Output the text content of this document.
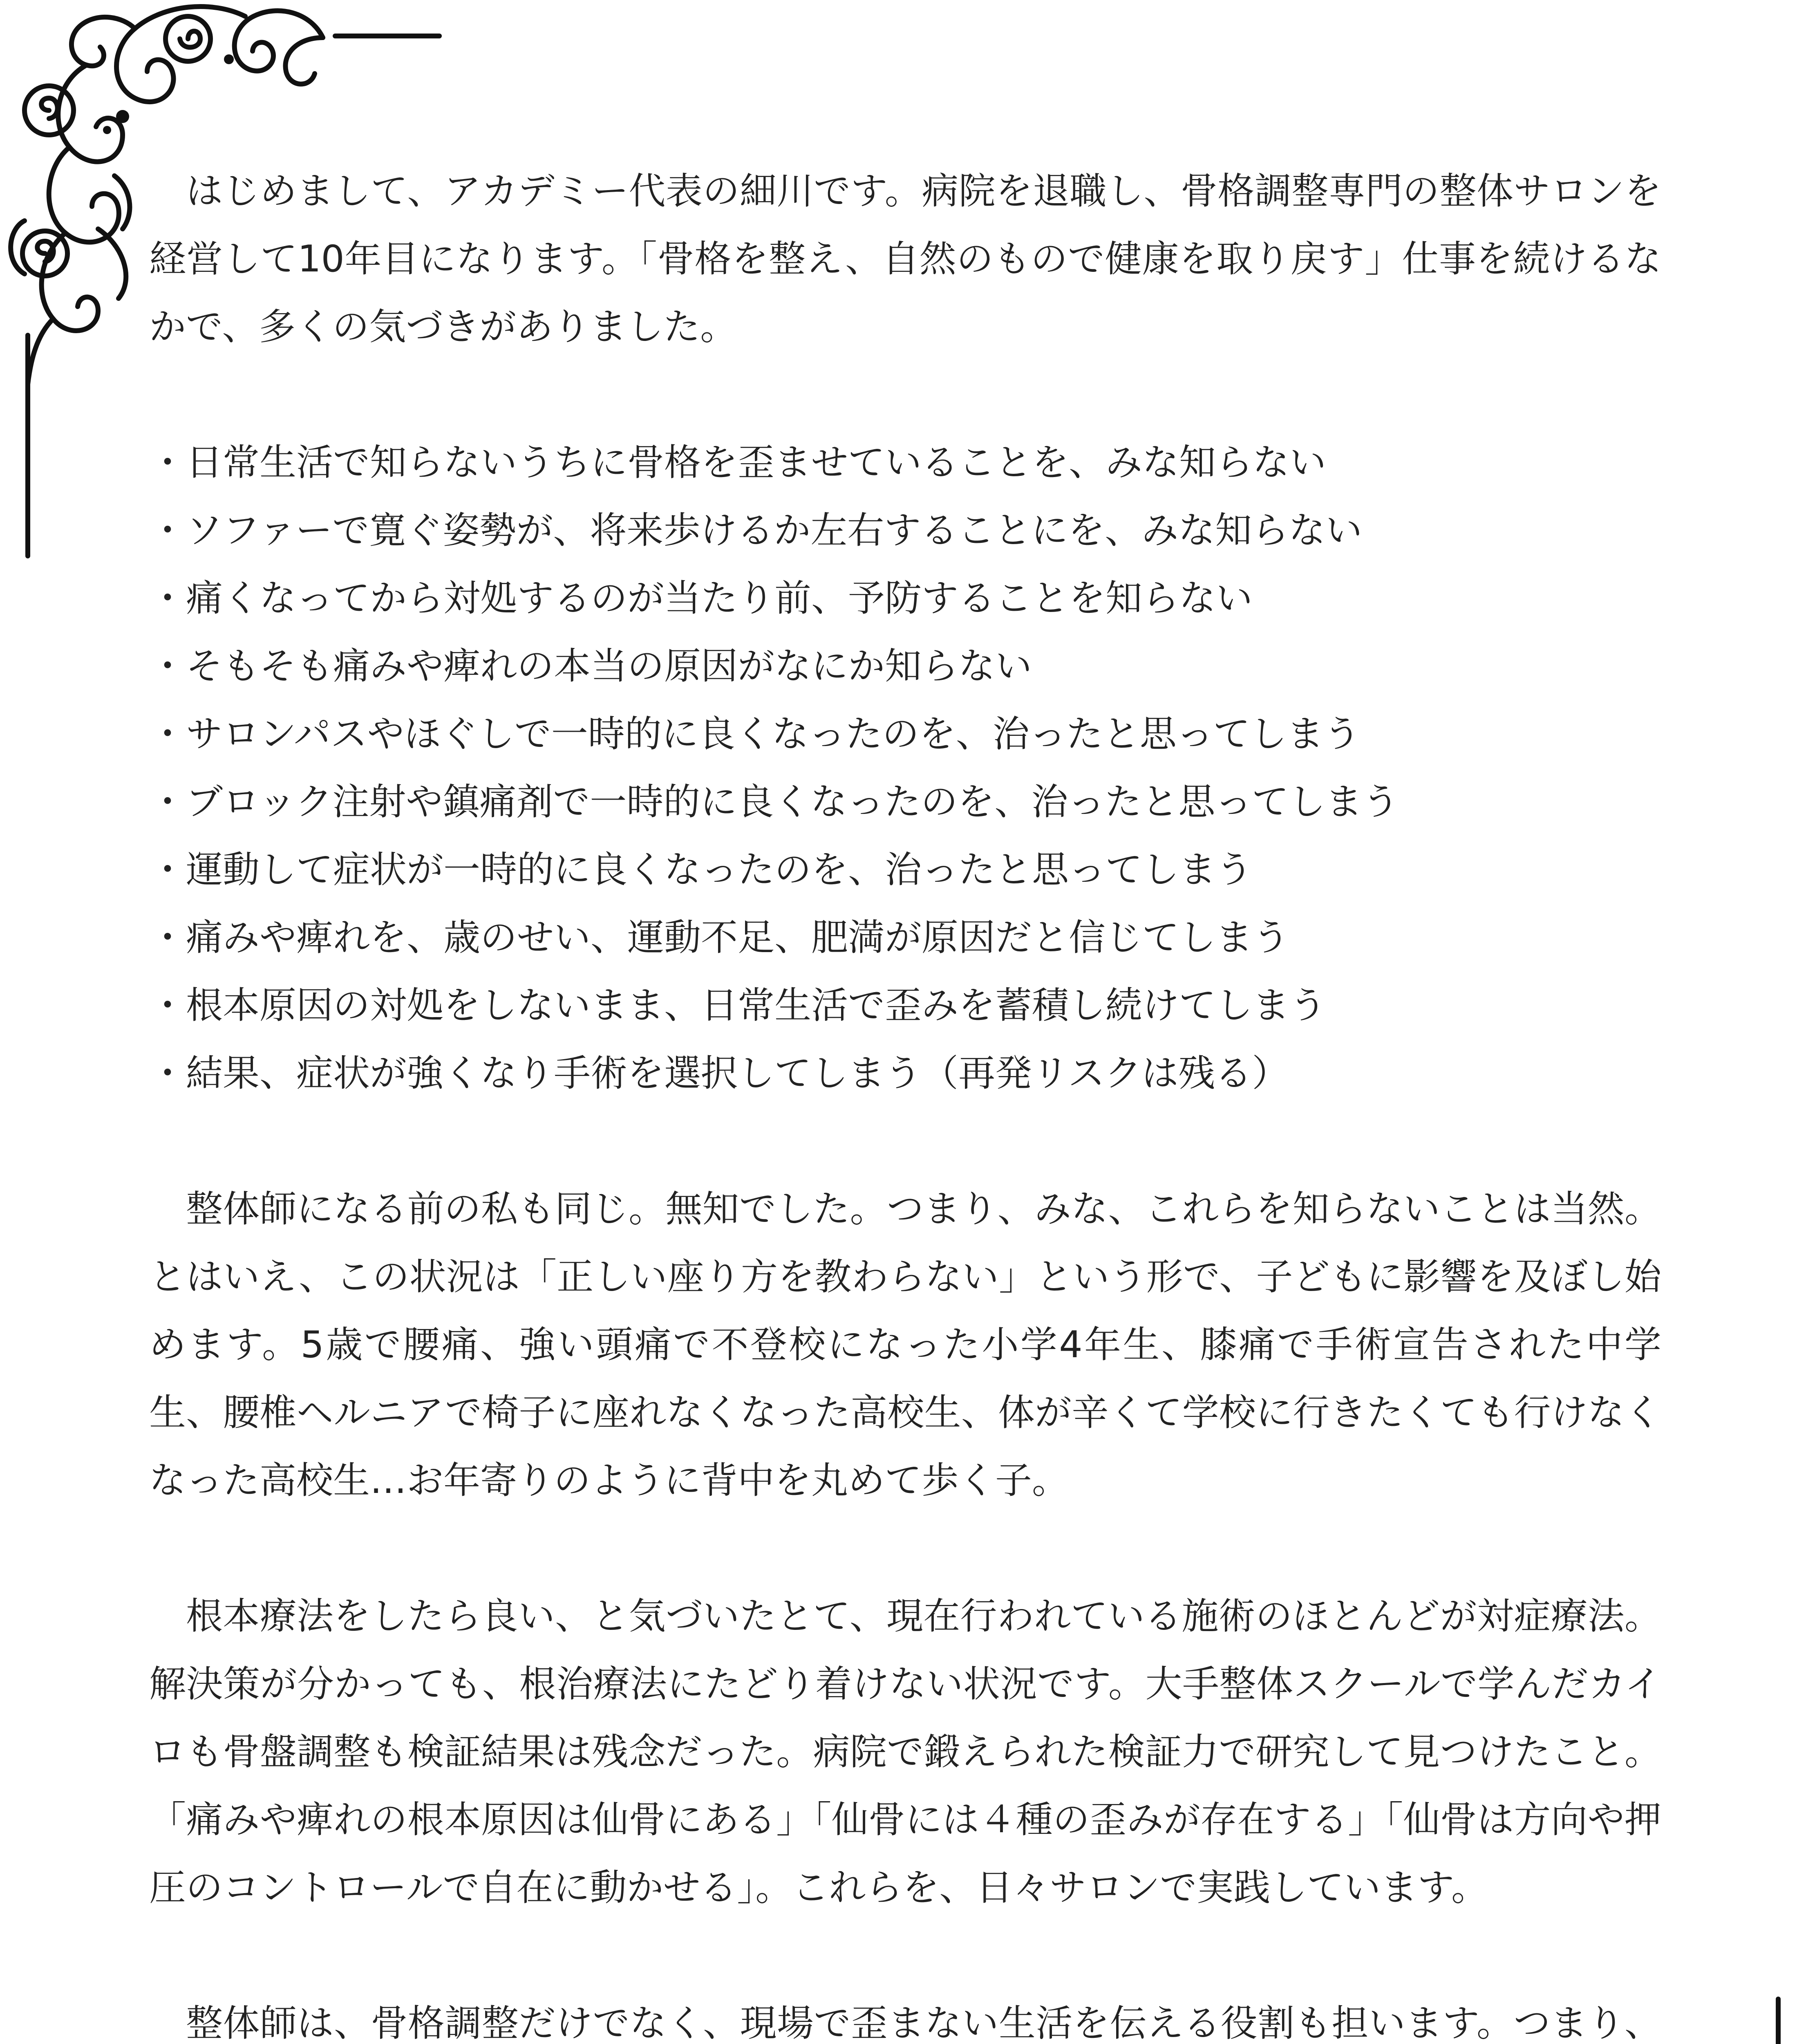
はじめまして、アカデミー代表の細川です。病院を退職し、骨格調整専門の整体サロンを経営して10年目になります。「骨格を整え、自然のもので健康を取り戻す」仕事を続けるなかで、多くの気づきがありました。

・日常生活で知らないうちに骨格を歪ませていることを、みな知らない
・ソファーで寛ぐ姿勢が、将来歩けるか左右することにを、みな知らない
・痛くなってから対処するのが当たり前、予防することを知らない
・そもそも痛みや痺れの本当の原因がなにか知らない
・サロンパスやほぐしで一時的に良くなったのを、治ったと思ってしまう
・ブロック注射や鎮痛剤で一時的に良くなったのを、治ったと思ってしまう
・運動して症状が一時的に良くなったのを、治ったと思ってしまう
・痛みや痺れを、歳のせい、運動不足、肥満が原因だと信じてしまう
・根本原因の対処をしないまま、日常生活で歪みを蓄積し続けてしまう
・結果、症状が強くなり手術を選択してしまう（再発リスクは残る）

整体師になる前の私も同じ。無知でした。つまり、みな、これらを知らないことは当然。とはいえ、この状況は「正しい座り方を教わらない」という形で、子どもに影響を及ぼし始めます。5歳で腰痛、強い頭痛で不登校になった小学4年生、膝痛で手術宣告された中学生、腰椎ヘルニアで椅子に座れなくなった高校生、体が辛くて学校に行きたくても行けなくなった高校生…お年寄りのように背中を丸めて歩く子。

根本療法をしたら良い、と気づいたとて、現在行われている施術のほとんどが対症療法。解決策が分かっても、根治療法にたどり着けない状況です。大手整体スクールで学んだカイロも骨盤調整も検証結果は残念だった。病院で鍛えられた検証力で研究して見つけたこと。「痛みや痺れの根本原因は仙骨にある」「仙骨には４種の歪みが存在する」「仙骨は方向や押圧のコントロールで自在に動かせる」。これらを、日々サロンで実践しています。

整体師は、骨格調整だけでなく、現場で歪まない生活を伝える役割も担います。つまり、
